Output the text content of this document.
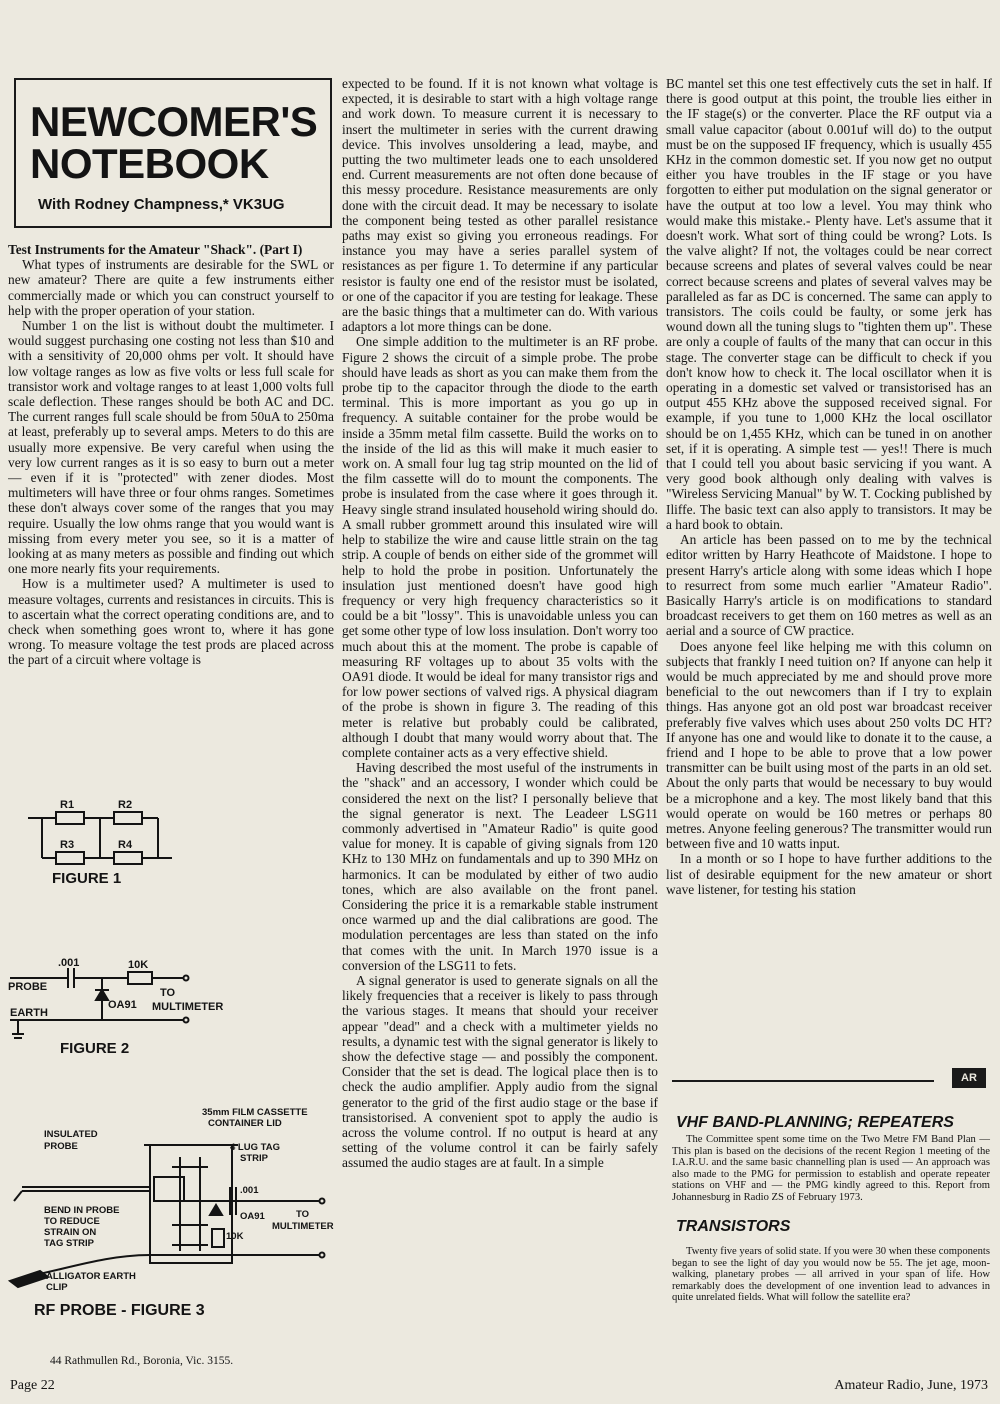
NEWCOMER'S
NOTEBOOK
With Rodney Champness,* VK3UG

Test Instruments for the Amateur "Shack". (Part I)

What types of instruments are desirable for the SWL or new amateur? There are quite a few instruments either commercially made or which you can construct yourself to help with the proper operation of your station.

Number 1 on the list is without doubt the multimeter. I would suggest purchasing one costing not less than $10 and with a sensitivity of 20,000 ohms per volt. It should have low voltage ranges as low as five volts or less full scale for transistor work and voltage ranges to at least 1,000 volts full scale deflection. These ranges should be both AC and DC. The current ranges full scale should be from 50uA to 250ma at least, preferably up to several amps. Meters to do this are usually more expensive. Be very careful when using the very low current ranges as it is so easy to burn out a meter — even if it is "protected" with zener diodes. Most multimeters will have three or four ohms ranges. Sometimes these don't always cover some of the ranges that you may require. Usually the low ohms range that you would want is missing from every meter you see, so it is a matter of looking at as many meters as possible and finding out which one more nearly fits your requirements.

How is a multimeter used? A multimeter is used to measure voltages, currents and resistances in circuits. This is to ascertain what the correct operating conditions are, and to check when something goes wront to, where it has gone wrong. To measure voltage the test prods are placed across the part of a circuit where voltage is

R1	R2
R3	R4
FIGURE 1
.001	10K
PROBE
OA91
TO
MULTIMETER
EARTH
FIGURE 2
INSULATED
PROBE
35mm FILM CASSETTE
CONTAINER LID
4 LUG TAG
STRIP
BEND IN PROBE
TO REDUCE
STRAIN ON
TAG STRIP
.001
OA91
10K
TO
MULTIMETER
ALLIGATOR EARTH
CLIP
RF PROBE - FIGURE 3

expected to be found. If it is not known what voltage is expected, it is desirable to start with a high voltage range and work down. To measure current it is necessary to insert the multimeter in series with the current drawing device. This involves unsoldering a lead, maybe, and putting the two multimeter leads one to each unsoldered end. Current measurements are not often done because of this messy procedure. Resistance measurements are only done with the circuit dead. It may be necessary to isolate the component being tested as other parallel resistance paths may exist so giving you erroneous readings. For instance you may have a series parallel system of resistances as per figure 1. To determine if any particular resistor is faulty one end of the resistor must be isolated, or one of the capacitor if you are testing for leakage. These are the basic things that a multimeter can do. With various adaptors a lot more things can be done.

One simple addition to the multimeter is an RF probe. Figure 2 shows the circuit of a simple probe. The probe should have leads as short as you can make them from the probe tip to the capacitor through the diode to the earth terminal. This is more important as you go up in frequency. A suitable container for the probe would be inside a 35mm metal film cassette. Build the works on to the inside of the lid as this will make it much easier to work on. A small four lug tag strip mounted on the lid of the film cassette will do to mount the components. The probe is insulated from the case where it goes through it. Heavy single strand insulated household wiring should do. A small rubber grommett around this insulated wire will help to stabilize the wire and cause little strain on the tag strip. A couple of bends on either side of the grommet will help to hold the probe in position. Unfortunately the insulation just mentioned doesn't have good high frequency or very high frequency characteristics so it could be a bit "lossy". This is unavoidable unless you can get some other type of low loss insulation. Don't worry too much about this at the moment. The probe is capable of measuring RF voltages up to about 35 volts with the OA91 diode. It would be ideal for many transistor rigs and for low power sections of valved rigs. A physical diagram of the probe is shown in figure 3. The reading of this meter is relative but probably could be calibrated, although I doubt that many would worry about that. The complete container acts as a very effective shield.

Having described the most useful of the instruments in the "shack" and an accessory, I wonder which could be considered the next on the list? I personally believe that the signal generator is next. The Leadeer LSG11 commonly advertised in "Amateur Radio" is quite good value for money. It is capable of giving signals from 120 KHz to 130 MHz on fundamentals and up to 390 MHz on harmonics. It can be modulated by either of two audio tones, which are also available on the front panel. Considering the price it is a remarkable stable instrument once warmed up and the dial calibrations are good. The modulation percentages are less than stated on the info that comes with the unit. In March 1970 issue is a conversion of the LSG11 to fets.

A signal generator is used to generate signals on all the likely frequencies that a receiver is likely to pass through the various stages. It means that should your receiver appear "dead" and a check with a multimeter yields no results, a dynamic test with the signal generator is likely to show the defective stage — and possibly the component. Consider that the set is dead. The logical place then is to check the audio amplifier. Apply audio from the signal generator to the grid of the first audio stage or the base if transistorised. A convenient spot to apply the audio is across the volume control. If no output is heard at any setting of the volume control it can be fairly safely assumed the audio stages are at fault. In a simple

BC mantel set this one test effectively cuts the set in half. If there is good output at this point, the trouble lies either in the IF stage(s) or the converter. Place the RF output via a small value capacitor (about 0.001uf will do) to the output must be on the supposed IF frequency, which is usually 455 KHz in the common domestic set. If you now get no output either you have troubles in the IF stage or you have forgotten to either put modulation on the signal generator or have the output at too low a level. You may think who would make this mistake.- Plenty have. Let's assume that it doesn't work. What sort of thing could be wrong? Lots. Is the valve alight? If not, the voltages could be near correct because screens and plates of several valves could be near correct because screens and plates of several valves may be paralleled as far as DC is concerned. The same can apply to transistors. The coils could be faulty, or some jerk has wound down all the tuning slugs to "tighten them up". These are only a couple of faults of the many that can occur in this stage. The converter stage can be difficult to check if you don't know how to check it. The local oscillator when it is operating in a domestic set valved or transistorised has an output 455 KHz above the supposed received signal. For example, if you tune to 1,000 KHz the local oscillator should be on 1,455 KHz, which can be tuned in on another set, if it is operating. A simple test — yes!! There is much that I could tell you about basic servicing if you want. A very good book although only dealing with valves is "Wireless Servicing Manual" by W. T. Cocking published by Iliffe. The basic text can also apply to transistors. It may be a hard book to obtain.

An article has been passed on to me by the technical editor written by Harry Heathcote of Maidstone. I hope to present Harry's article along with some ideas which I hope to resurrect from some much earlier "Amateur Radio". Basically Harry's article is on modifications to standard broadcast receivers to get them on 160 metres as well as an aerial and a source of CW practice.

Does anyone feel like helping me with this column on subjects that frankly I need tuition on? If anyone can help it would be much appreciated by me and should prove more beneficial to the out newcomers than if I try to explain things. Has anyone got an old post war broadcast receiver preferably five valves which uses about 250 volts DC HT? If anyone has one and would like to donate it to the cause, a friend and I hope to be able to prove that a low power transmitter can be built using most of the parts in an old set. About the only parts that would be necessary to buy would be a microphone and a key. The most likely band that this would operate on would be 160 metres or perhaps 80 metres. Anyone feeling generous? The transmitter would run between five and 10 watts input.

In a month or so I hope to have further additions to the list of desirable equipment for the new amateur or short wave listener, for testing his station

AR
VHF BAND-PLANNING; REPEATERS

The Committee spent some time on the Two Metre FM Band Plan — This plan is based on the decisions of the recent Region 1 meeting of the I.A.R.U. and the same basic channelling plan is used — An approach was also made to the PMG for permission to establish and operate repeater stations on VHF and — the PMG kindly agreed to this. Report from Johannesburg in Radio ZS of February 1973.

TRANSISTORS

Twenty five years of solid state. If you were 30 when these components began to see the light of day you would now be 55. The jet age, moon-walking, planetary probes — all arrived in your span of life. How remarkably does the development of one invention lead to advances in quite unrelated fields. What will follow the satellite era?

44 Rathmullen Rd., Boronia, Vic. 3155.
Page 22	Amateur Radio, June, 1973
